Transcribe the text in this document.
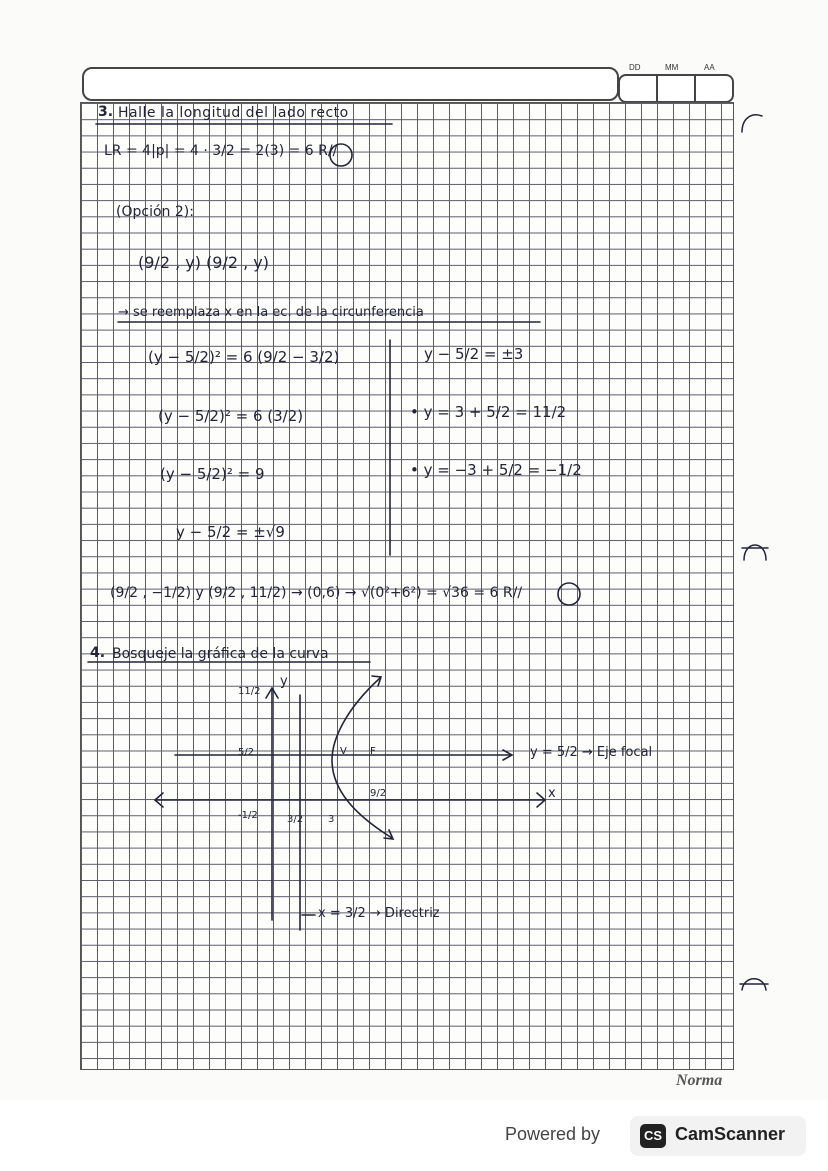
DD	MM	AA
3. Halle la longitud del lado recto
LR = 4|p| = 4 · 3/2 = 2(3) = 6 R//
(Opción 2):
(9/2 , y) (9/2 , y)
→ se reemplaza x en la ec. de la circunferencia
(y − 5/2)² = 6 (9/2 − 3/2)
(y − 5/2)² = 6 (3/2)
(y − 5/2)² = 9
y − 5/2 = ±√9
y − 5/2 = ±3
• y = 3 + 5/2 = 11/2
• y = −3 + 5/2 = −1/2
(9/2 , −1/2) y (9/2 , 11/2) → (0,6) → √(0²+6²) = √36 = 6 R//
4. Bosqueje la gráfica de la curva
y
x
11/2
5/2
-1/2	3/2 3
9/2
V F	y = 5/2 → Eje focal
x = 3/2 → Directriz
Norma
Powered by	CS CamScanner
